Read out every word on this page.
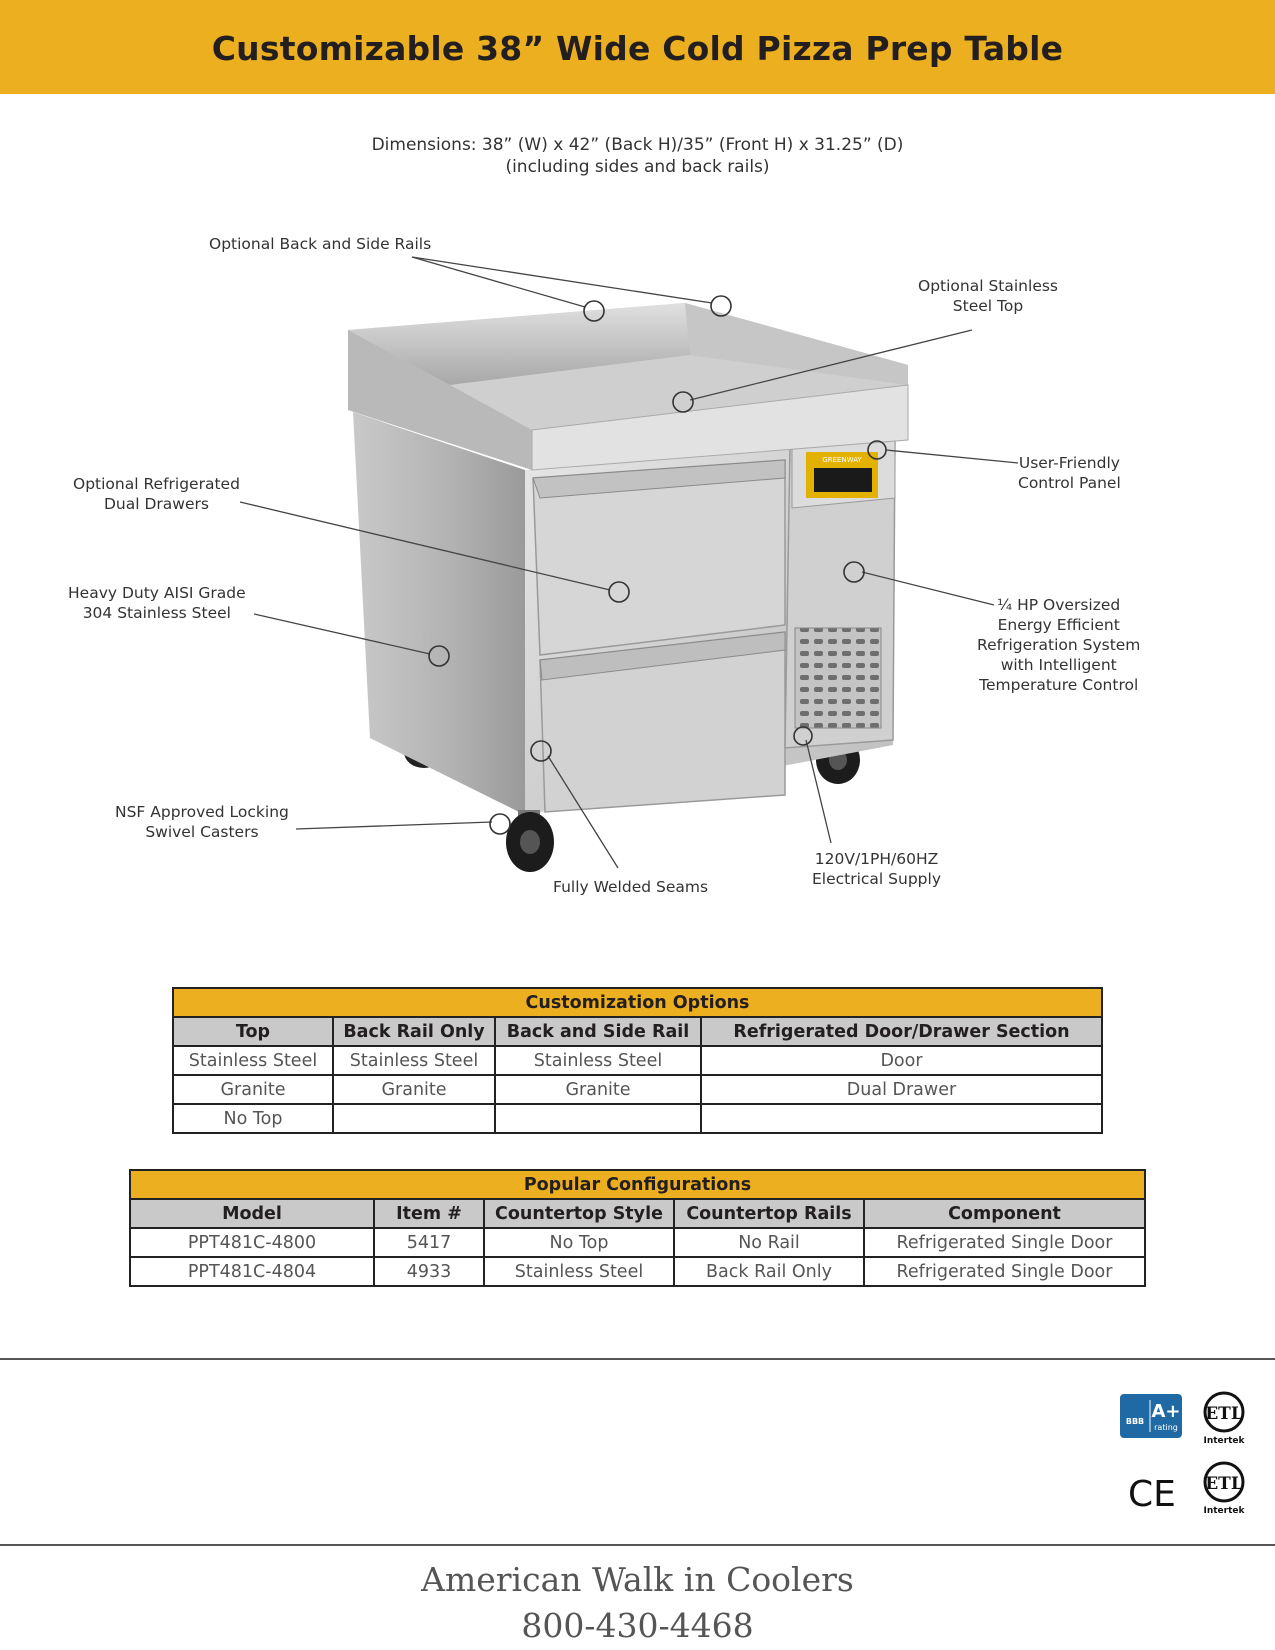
Customizable 38” Wide Cold Pizza Prep Table
Dimensions: 38” (W) x 42” (Back H)/35” (Front H) x 31.25” (D)
(including sides and back rails)
GREENWAY
Optional Back and Side Rails
Optional Stainless
Steel Top
User-Friendly
Control Panel
Optional Refrigerated
Dual Drawers
Heavy Duty AISI Grade
304 Stainless Steel	¼ HP Oversized
Energy Efficient
Refrigeration System
with Intelligent
Temperature Control
NSF Approved Locking
Swivel Casters
Fully Welded Seams
120V/1PH/60HZ
Electrical Supply
Customization Options			
Top	Back Rail Only	Back and Side Rail	Refrigerated Door/Drawer Section
Stainless Steel	Stainless Steel	Stainless Steel	Door
Granite	Granite	Granite	Dual Drawer
No Top			
Popular Configurations				
Model	Item #	Countertop Style	Countertop Rails	Component
PPT481C-4800	5417	No Top	No Rail	Refrigerated Single Door
PPT481C-4804	4933	Stainless Steel	Back Rail Only	Refrigerated Single Door
BBB A+
rating
ETL
Intertek
CE ETL
Intertek
American Walk in Coolers
800-430-4468
